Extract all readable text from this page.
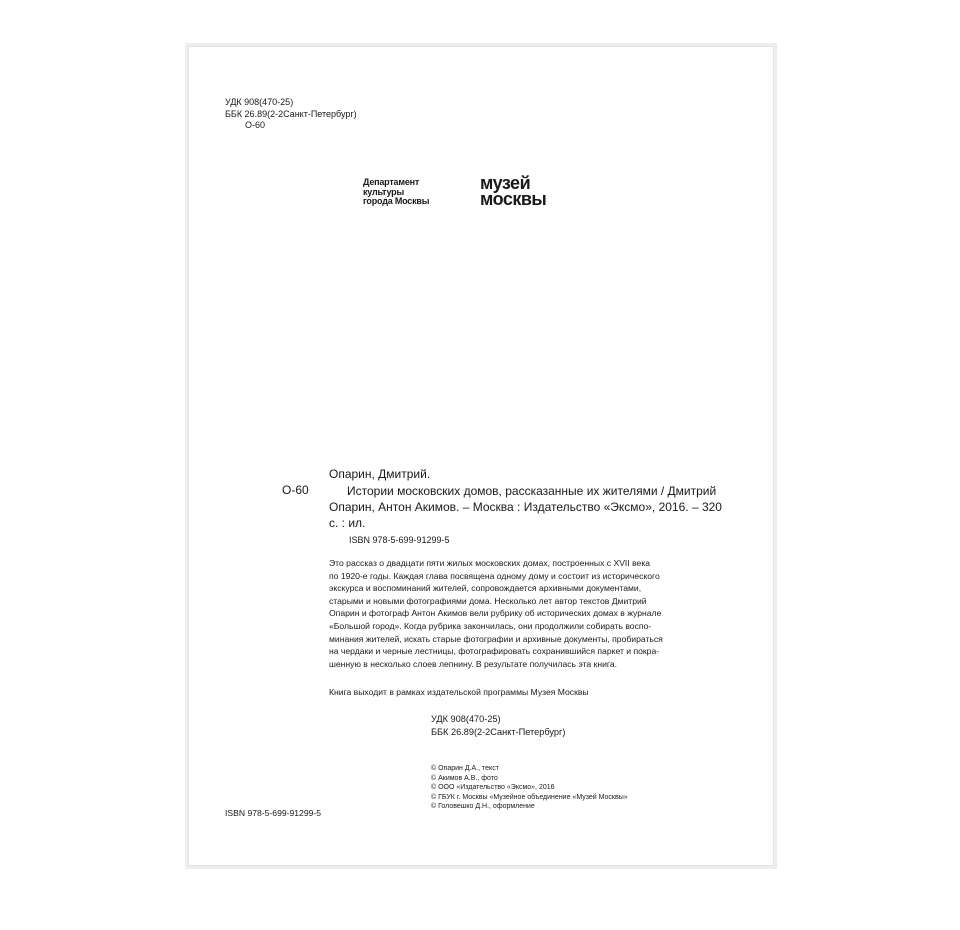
УДК 908(470-25)
ББК 26.89(2-2Санкт-Петербург)
О-60
Департамент
культуры
города Москвы
музей
москвы
Опарин, Дмитрий.
О-60	Истории московских домов, рассказанные их жителями / Дмитрий Опарин, Антон Акимов. – Москва : Издательство «Эксмо», 2016. – 320 с. : ил.
ISBN 978-5-699-91299-5
Это рассказ о двадцати пяти жилых московских домах, построенных с XVII века
по 1920-е годы. Каждая глава посвящена одному дому и состоит из исторического
экскурса и воспоминаний жителей, сопровождается архивными документами,
старыми и новыми фотографиями дома. Несколько лет автор текстов Дмитрий
Опарин и фотограф Антон Акимов вели рубрику об исторических домах в журнале
«Большой город». Когда рубрика закончилась, они продолжили собирать воспо-
минания жителей, искать старые фотографии и архивные документы, пробираться
на чердаки и черные лестницы, фотографировать сохранившийся паркет и покра-
шенную в несколько слоев лепнину. В результате получилась эта книга.
Книга выходит в рамках издательской программы Музея Москвы
УДК 908(470-25)
ББК 26.89(2-2Санкт-Петербург)
© Опарин Д.А., текст
© Акимов А.В., фото
© ООО «Издательство «Эксмо», 2016
© ГБУК г. Москвы «Музейное объединение «Музей Москвы»
© Головешко Д.Н., оформление
ISBN 978-5-699-91299-5
